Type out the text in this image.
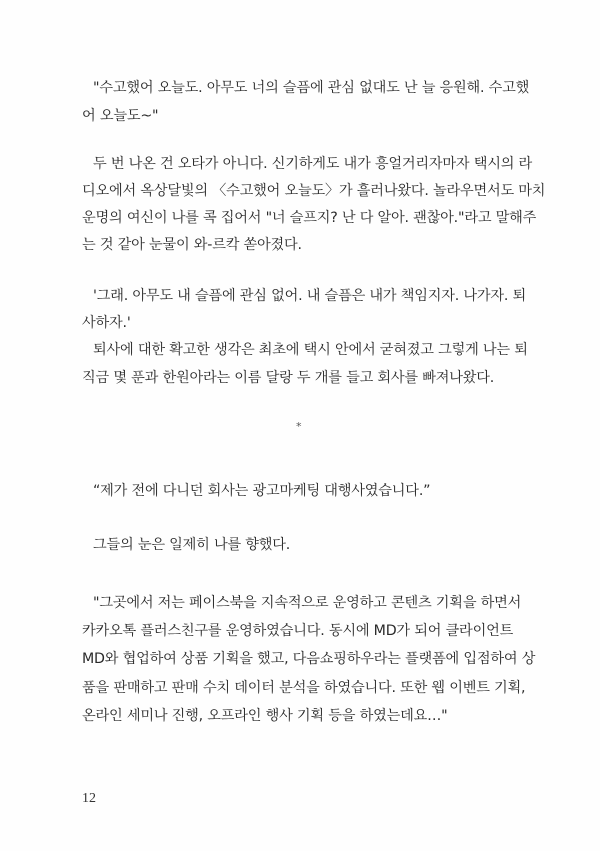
"수고했어 오늘도. 아무도 너의 슬픔에 관심 없대도 난 늘 응원해. 수고했
어 오늘도~"
두 번 나온 건 오타가 아니다. 신기하게도 내가 흥얼거리자마자 택시의 라
디오에서 옥상달빛의 〈수고했어 오늘도〉가 흘러나왔다. 놀라우면서도 마치
운명의 여신이 나를 콕 집어서 "너 슬프지? 난 다 알아. 괜찮아."라고 말해주
는 것 같아 눈물이 와-르칵 쏟아졌다.
'그래. 아무도 내 슬픔에 관심 없어. 내 슬픔은 내가 책임지자. 나가자. 퇴
사하자.'
퇴사에 대한 확고한 생각은 최초에 택시 안에서 굳혀졌고 그렇게 나는 퇴
직금 몇 푼과 한원아라는 이름 달랑 두 개를 들고 회사를 빠져나왔다.
*
“제가 전에 다니던 회사는 광고마케팅 대행사였습니다.”
그들의 눈은 일제히 나를 향했다.
"그곳에서 저는 페이스북을 지속적으로 운영하고 콘텐츠 기획을 하면서
카카오톡 플러스친구를 운영하였습니다. 동시에 MD가 되어 클라이언트
MD와 협업하여 상품 기획을 했고, 다음쇼핑하우라는 플랫폼에 입점하여 상
품을 판매하고 판매 수치 데이터 분석을 하였습니다. 또한 웹 이벤트 기획,
온라인 세미나 진행, 오프라인 행사 기획 등을 하였는데요…"
12
